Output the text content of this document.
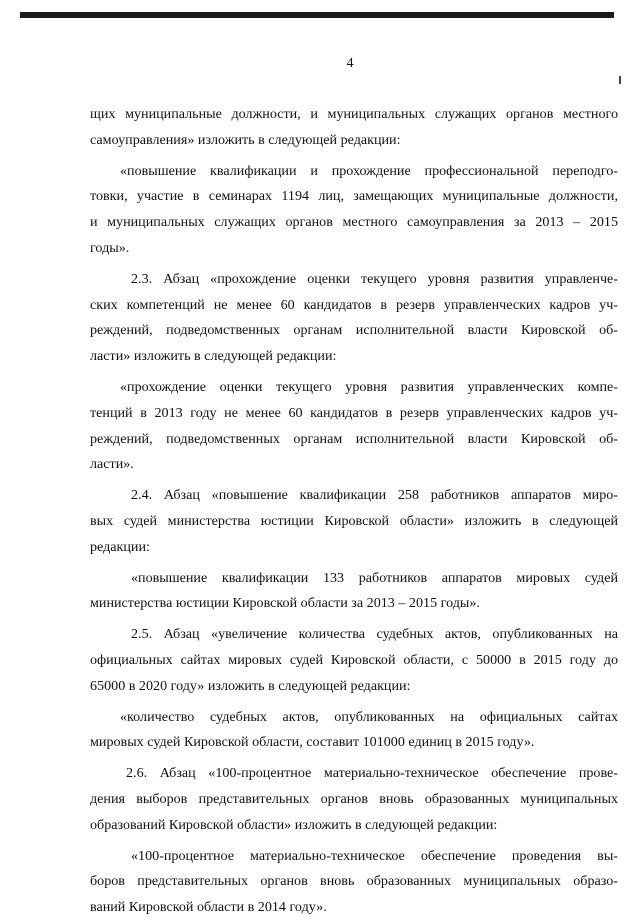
4
щих муниципальные должности, и муниципальных служащих органов местного
самоуправления» изложить в следующей редакции:
«повышение квалификации и прохождение профессиональной переподго-
товки, участие в семинарах 1194 лиц, замещающих муниципальные должности,
и муниципальных служащих органов местного самоуправления за 2013 – 2015
годы».
2.3. Абзац «прохождение оценки текущего уровня развития управленче-
ских компетенций не менее 60 кандидатов в резерв управленческих кадров уч-
реждений, подведомственных органам исполнительной власти Кировской об-
ласти» изложить в следующей редакции:
«прохождение оценки текущего уровня развития управленческих компе-
тенций в 2013 году не менее 60 кандидатов в резерв управленческих кадров уч-
реждений, подведомственных органам исполнительной власти Кировской об-
ласти».
2.4. Абзац «повышение квалификации 258 работников аппаратов миро-
вых судей министерства юстиции Кировской области» изложить в следующей
редакции:
«повышение квалификации 133 работников аппаратов мировых судей
министерства юстиции Кировской области за 2013 – 2015 годы».
2.5. Абзац «увеличение количества судебных актов, опубликованных на
официальных сайтах мировых судей Кировской области, с 50000 в 2015 году до
65000 в 2020 году» изложить в следующей редакции:
«количество судебных актов, опубликованных на официальных сайтах
мировых судей Кировской области, составит 101000 единиц в 2015 году».
2.6. Абзац «100-процентное материально-техническое обеспечение прове-
дения выборов представительных органов вновь образованных муниципальных
образований Кировской области» изложить в следующей редакции:
«100-процентное материально-техническое обеспечение проведения вы-
боров представительных органов вновь образованных муниципальных образо-
ваний Кировской области в 2014 году».
